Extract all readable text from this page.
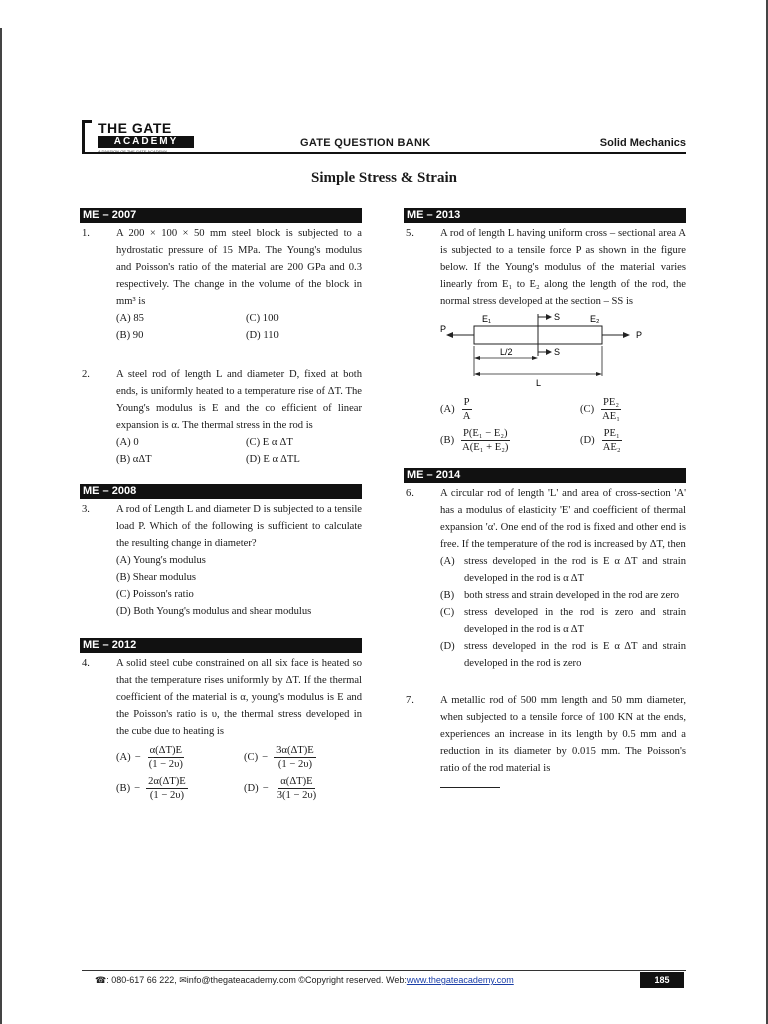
THE GATE
ACADEMY	GATE QUESTION BANK	Solid Mechanics
Simple Stress & Strain
ME – 2007
1. A 200 × 100 × 50 mm steel block is subjected to a hydrostatic pressure of 15 MPa. The Young's modulus and Poisson's ratio of the material are 200 GPa and 0.3 respectively. The change in the volume of the block in mm³ is
(A) 85	(C) 100
(B) 90	(D) 110
2. A steel rod of length L and diameter D, fixed at both ends, is uniformly heated to a temperature rise of ΔT. The Young's modulus is E and the co efficient of linear expansion is α. The thermal stress in the rod is
(A) 0	(C) E α ΔT
(B) αΔT	(D) E α ΔTL
ME – 2008
3. A rod of Length L and diameter D is subjected to a tensile load P. Which of the following is sufficient to calculate the resulting change in diameter?
(A) Young's modulus
(B) Shear modulus
(C) Poisson's ratio
(D) Both Young's modulus and shear modulus
ME – 2012
4. A solid steel cube constrained on all six face is heated so that the temperature rises uniformly by ΔT. If the thermal coefficient of the material is α, young's modulus is E and the Poisson's ratio is υ, the thermal stress developed in the cube due to heating is
$(A) - \frac{\alpha(\Delta T)E}{(1 - 2\upsilon)}$	$(C) - \frac{3\alpha(\Delta T)E}{(1 - 2\upsilon)}$
$(B) - \frac{2\alpha(\Delta T)E}{(1 - 2\upsilon)}$	$(D) - \frac{\alpha(\Delta T)E}{3(1 - 2\upsilon)}$
ME – 2013
5. A rod of length L having uniform cross – sectional area A is subjected to a tensile force P as shown in the figure below. If the Young's modulus of the material varies linearly from E₁ to E₂ along the length of the rod, the normal stress developed at the section – SS is
E₁	E₂
S
S
P
P
L/2
L
$(A) \frac{P}{A}$	$(C) \frac{\text{PE₂}}{\text{AE₁}}$
$(B) \frac{\text{P(E₁ − E₂)}}{\text{A(E₁ + E₂)}}$	$(D) \frac{\text{PE₁}}{\text{AE₂}}$
ME – 2014
6. A circular rod of length 'L' and area of cross-section 'A' has a modulus of elasticity 'E' and coefficient of thermal expansion 'α'. One end of the rod is fixed and other end is free. If the temperature of the rod is increased by ΔT, then
(A) stress developed in the rod is E α ΔT and strain developed in the rod is α ΔT
(B) both stress and strain developed in the rod are zero
(C) stress developed in the rod is zero and strain developed in the rod is α ΔT
(D) stress developed in the rod is E α ΔT and strain developed in the rod is zero
7. A metallic rod of 500 mm length and 50 mm diameter, when subjected to a tensile force of 100 KN at the ends, experiences an increase in its length by 0.5 mm and a reduction in its diameter by 0.015 mm. The Poisson's ratio of the rod material is
☎: 080-617 66 222, ✉info@thegateacademy.com ©Copyright reserved. Web:www.thegateacademy.com	185
